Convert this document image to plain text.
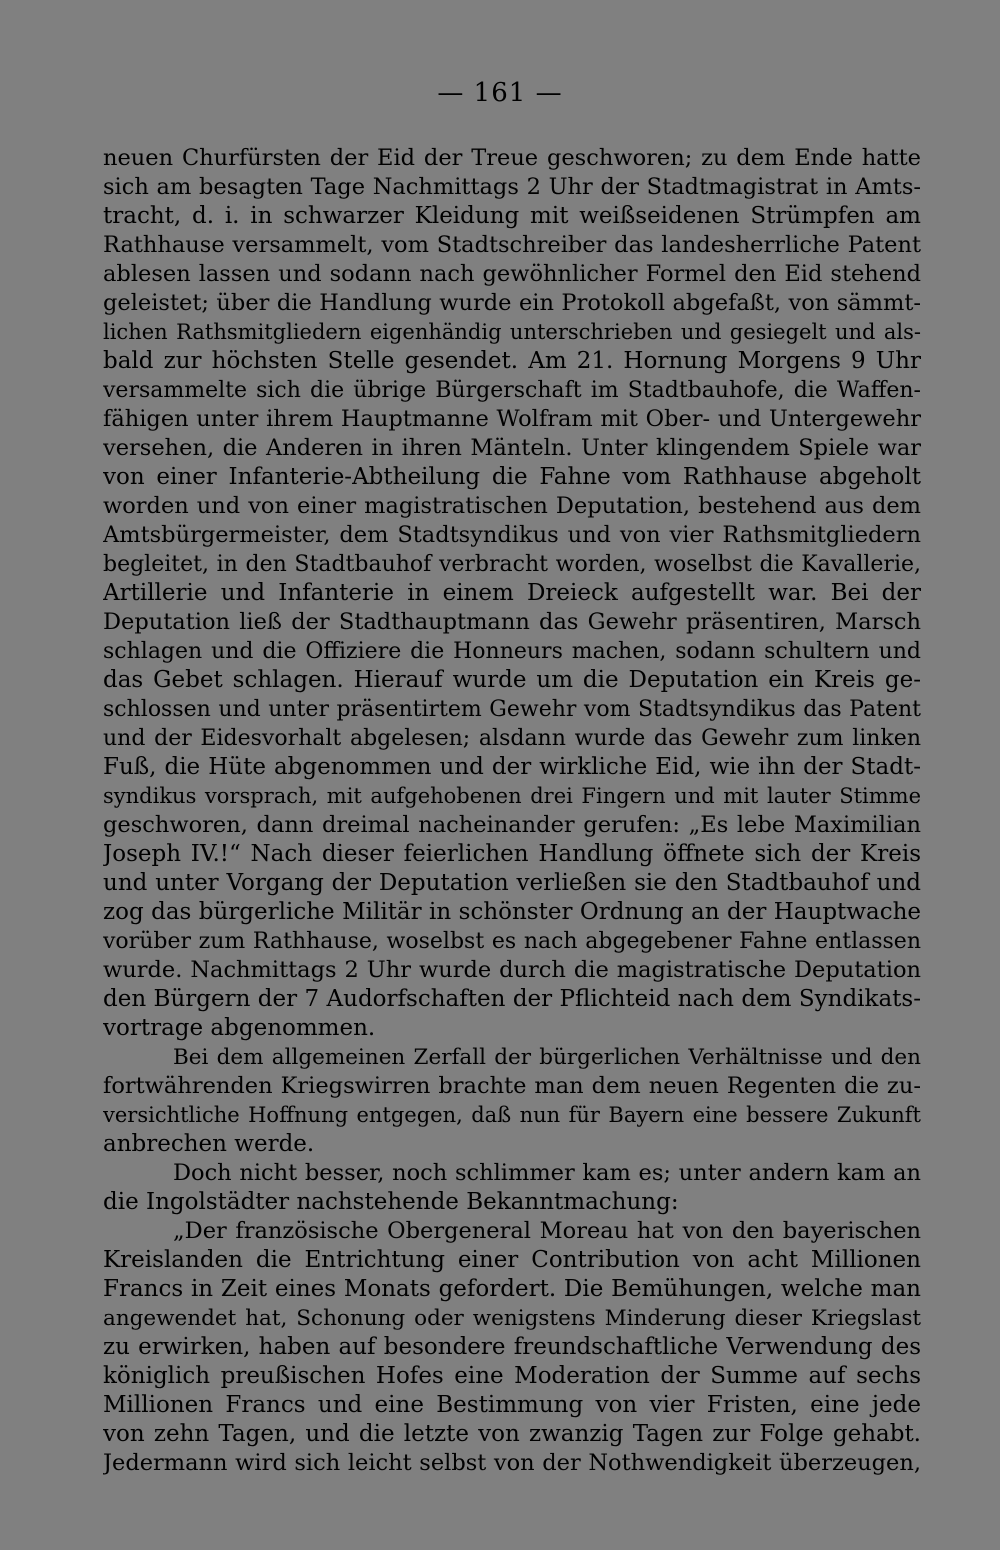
— 161 —
neuen Churfürsten der Eid der Treue geschworen; zu dem Ende hatte
sich am besagten Tage Nachmittags 2 Uhr der Stadtmagistrat in Amts-
tracht, d. i. in schwarzer Kleidung mit weißseidenen Strümpfen am
Rathhause versammelt, vom Stadtschreiber das landesherrliche Patent
ablesen lassen und sodann nach gewöhnlicher Formel den Eid stehend
geleistet; über die Handlung wurde ein Protokoll abgefaßt, von sämmt-
lichen Rathsmitgliedern eigenhändig unterschrieben und gesiegelt und als-
bald zur höchsten Stelle gesendet. Am 21. Hornung Morgens 9 Uhr
versammelte sich die übrige Bürgerschaft im Stadtbauhofe, die Waffen-
fähigen unter ihrem Hauptmanne Wolfram mit Ober- und Untergewehr
versehen, die Anderen in ihren Mänteln. Unter klingendem Spiele war
von einer Infanterie-Abtheilung die Fahne vom Rathhause abgeholt
worden und von einer magistratischen Deputation, bestehend aus dem
Amtsbürgermeister, dem Stadtsyndikus und von vier Rathsmitgliedern
begleitet, in den Stadtbauhof verbracht worden, woselbst die Kavallerie,
Artillerie und Infanterie in einem Dreieck aufgestellt war. Bei der
Deputation ließ der Stadthauptmann das Gewehr präsentiren, Marsch
schlagen und die Offiziere die Honneurs machen, sodann schultern und
das Gebet schlagen. Hierauf wurde um die Deputation ein Kreis ge-
schlossen und unter präsentirtem Gewehr vom Stadtsyndikus das Patent
und der Eidesvorhalt abgelesen; alsdann wurde das Gewehr zum linken
Fuß, die Hüte abgenommen und der wirkliche Eid, wie ihn der Stadt-
syndikus vorsprach, mit aufgehobenen drei Fingern und mit lauter Stimme
geschworen, dann dreimal nacheinander gerufen: „Es lebe Maximilian
Joseph IV.!“ Nach dieser feierlichen Handlung öffnete sich der Kreis
und unter Vorgang der Deputation verließen sie den Stadtbauhof und
zog das bürgerliche Militär in schönster Ordnung an der Hauptwache
vorüber zum Rathhause, woselbst es nach abgegebener Fahne entlassen
wurde. Nachmittags 2 Uhr wurde durch die magistratische Deputation
den Bürgern der 7 Audorfschaften der Pflichteid nach dem Syndikats-
vortrage abgenommen.
Bei dem allgemeinen Zerfall der bürgerlichen Verhältnisse und den
fortwährenden Kriegswirren brachte man dem neuen Regenten die zu-
versichtliche Hoffnung entgegen, daß nun für Bayern eine bessere Zukunft
anbrechen werde.
Doch nicht besser, noch schlimmer kam es; unter andern kam an
die Ingolstädter nachstehende Bekanntmachung:
„Der französische Obergeneral Moreau hat von den bayerischen
Kreislanden die Entrichtung einer Contribution von acht Millionen
Francs in Zeit eines Monats gefordert. Die Bemühungen, welche man
angewendet hat, Schonung oder wenigstens Minderung dieser Kriegslast
zu erwirken, haben auf besondere freundschaftliche Verwendung des
königlich preußischen Hofes eine Moderation der Summe auf sechs
Millionen Francs und eine Bestimmung von vier Fristen, eine jede
von zehn Tagen, und die letzte von zwanzig Tagen zur Folge gehabt.
Jedermann wird sich leicht selbst von der Nothwendigkeit überzeugen,
